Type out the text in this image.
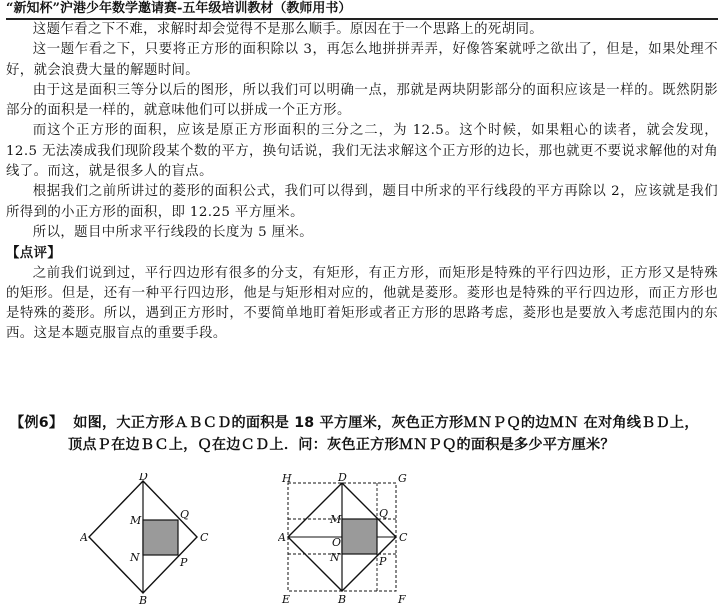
“新知杯”沪港少年数学邀请赛-五年级培训教材（教师用书）

这题乍看之下不难，求解时却会觉得不是那么顺手。原因在于一个思路上的死胡同。

这一题乍看之下，只要将正方形的面积除以 3，再怎么地拼拼弄弄，好像答案就呼之欲出了，但是，如果处理不好，就会浪费大量的解题时间。

由于这是面积三等分以后的图形，所以我们可以明确一点，那就是两块阴影部分的面积应该是一样的。既然阴影部分的面积是一样的，就意味他们可以拼成一个正方形。

而这个正方形的面积，应该是原正方形面积的三分之二，为 12.5。这个时候，如果粗心的读者，就会发现，12.5 无法凑成我们现阶段某个数的平方，换句话说，我们无法求解这个正方形的边长，那也就更不要说求解他的对角线了。而这，就是很多人的盲点。

根据我们之前所讲过的菱形的面积公式，我们可以得到，题目中所求的平行线段的平方再除以 2，应该就是我们所得到的小正方形的面积，即 12.25 平方厘米。

所以，题目中所求平行线段的长度为 5 厘米。

【点评】

之前我们说到过，平行四边形有很多的分支，有矩形，有正方形，而矩形是特殊的平行四边形，正方形又是特殊的矩形。但是，还有一种平行四边形，他是与矩形相对应的，他就是菱形。菱形也是特殊的平行四边形，而正方形也是特殊的菱形。所以，遇到正方形时，不要简单地盯着矩形或者正方形的思路考虑，菱形也是要放入考虑范围内的东西。这是本题克服盲点的重要手段。

【例6】 如图，大正方形ＡＢＣＤ的面积是 18 平方厘米，灰色正方形ＭＮＰＱ的边ＭＮ 在对角线ＢＤ上，
顶点Ｐ在边ＢＣ上，Ｑ在边ＣＤ上．问：灰色正方形ＭＮＰＱ的面积是多少平方厘米？
D
A	C
B
M
N
Q
P
H	D	G
A	C
O
M
N
Q
P
E	B	F
